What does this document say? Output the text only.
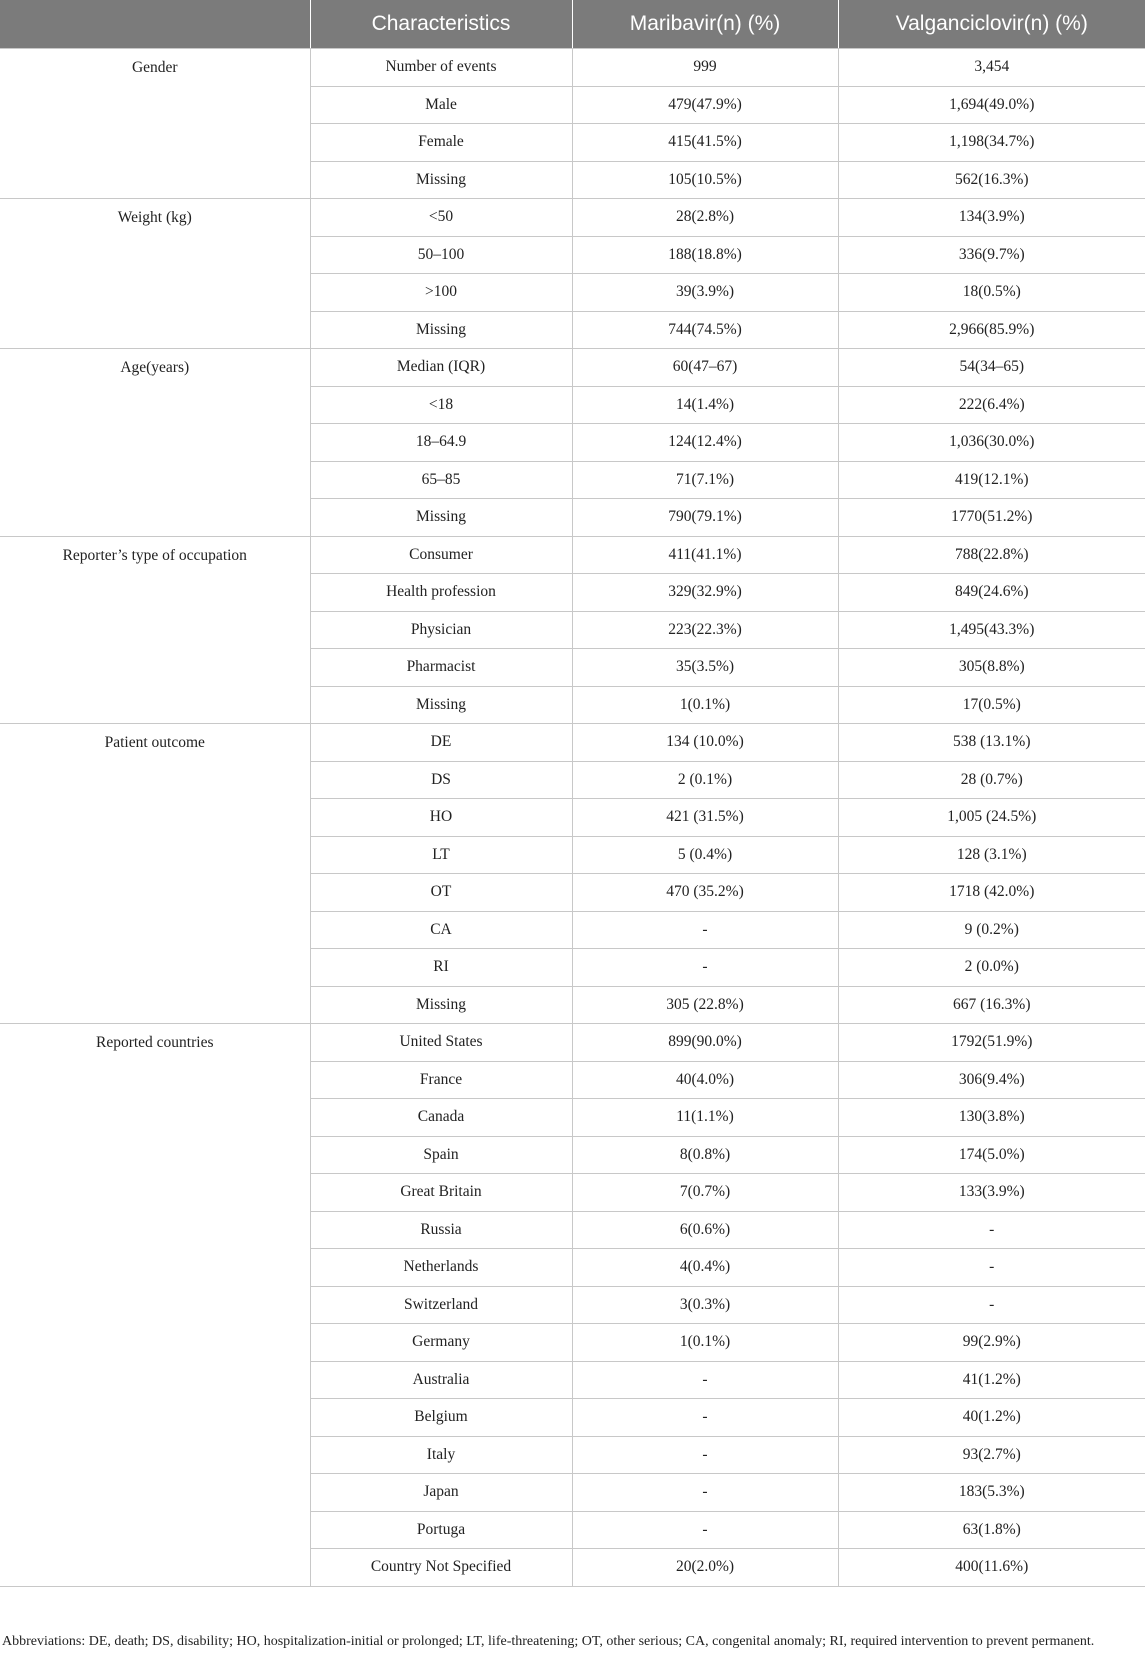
	Characteristics	Maribavir(n) (%)	Valganciclovir(n) (%)
Gender	Number of events	999	3,454
	Male	479(47.9%)	1,694(49.0%)
	Female	415(41.5%)	1,198(34.7%)
	Missing	105(10.5%)	562(16.3%)
Weight (kg)	<50	28(2.8%)	134(3.9%)
	50–100	188(18.8%)	336(9.7%)
	>100	39(3.9%)	18(0.5%)
	Missing	744(74.5%)	2,966(85.9%)
Age(years)	Median (IQR)	60(47–67)	54(34–65)
	<18	14(1.4%)	222(6.4%)
	18–64.9	124(12.4%)	1,036(30.0%)
	65–85	71(7.1%)	419(12.1%)
	Missing	790(79.1%)	1770(51.2%)
Reporter’s type of occupation	Consumer	411(41.1%)	788(22.8%)
	Health profession	329(32.9%)	849(24.6%)
	Physician	223(22.3%)	1,495(43.3%)
	Pharmacist	35(3.5%)	305(8.8%)
	Missing	1(0.1%)	17(0.5%)
Patient outcome	DE	134 (10.0%)	538 (13.1%)
	DS	2 (0.1%)	28 (0.7%)
	HO	421 (31.5%)	1,005 (24.5%)
	LT	5 (0.4%)	128 (3.1%)
	OT	470 (35.2%)	1718 (42.0%)
	CA	-	9 (0.2%)
	RI	-	2 (0.0%)
	Missing	305 (22.8%)	667 (16.3%)
Reported countries	United States	899(90.0%)	1792(51.9%)
	France	40(4.0%)	306(9.4%)
	Canada	11(1.1%)	130(3.8%)
	Spain	8(0.8%)	174(5.0%)
	Great Britain	7(0.7%)	133(3.9%)
	Russia	6(0.6%)	-
	Netherlands	4(0.4%)	-
	Switzerland	3(0.3%)	-
	Germany	1(0.1%)	99(2.9%)
	Australia	-	41(1.2%)
	Belgium	-	40(1.2%)
	Italy	-	93(2.7%)
	Japan	-	183(5.3%)
	Portuga	-	63(1.8%)
	Country Not Specified	20(2.0%)	400(11.6%)

Abbreviations: DE, death; DS, disability; HO, hospitalization-initial or prolonged; LT, life-threatening; OT, other serious; CA, congenital anomaly; RI, required intervention to prevent permanent.
